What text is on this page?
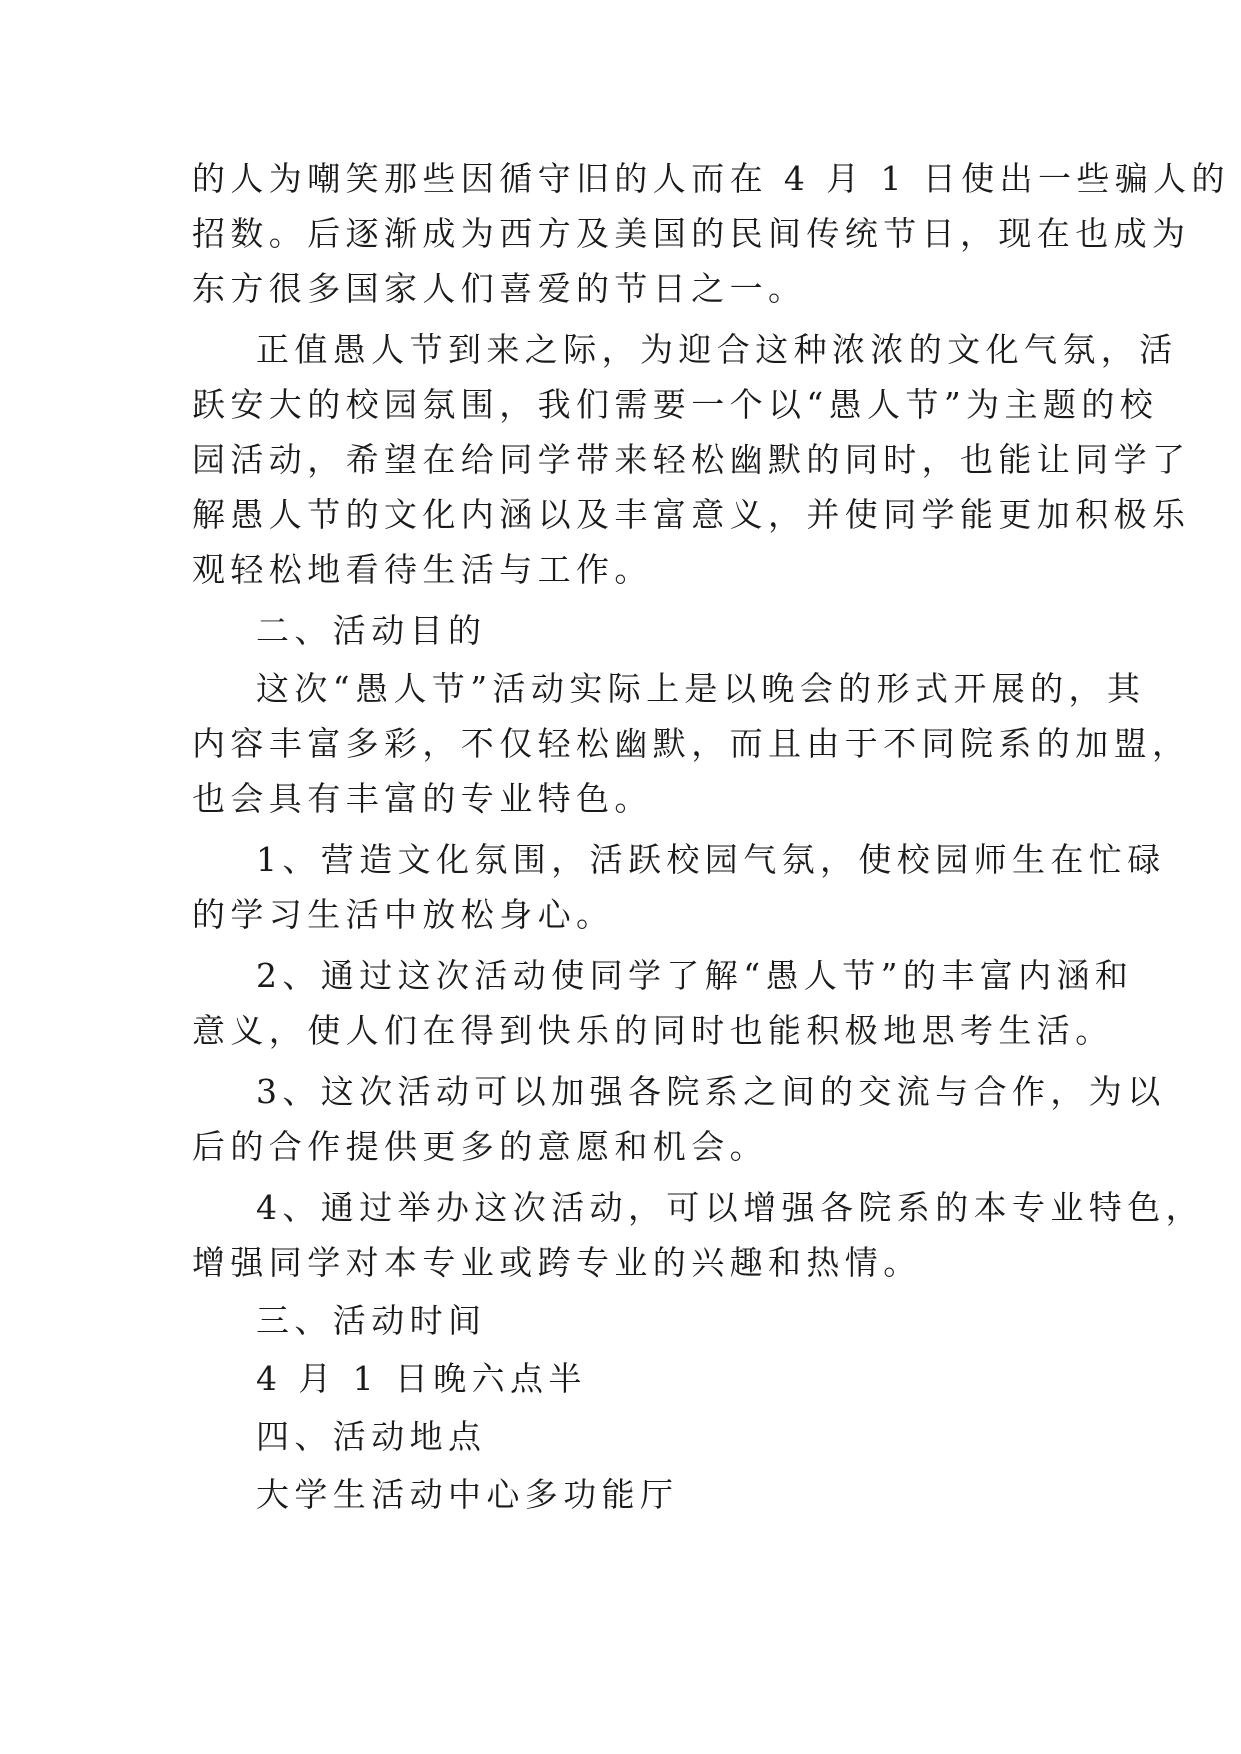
的人为嘲笑那些因循守旧的人而在 4 月 1 日使出一些骗人的
招数。后逐渐成为西方及美国的民间传统节日，现在也成为
东方很多国家人们喜爱的节日之一。
正值愚人节到来之际，为迎合这种浓浓的文化气氛，活
跃安大的校园氛围，我们需要一个以“愚人节”为主题的校
园活动，希望在给同学带来轻松幽默的同时，也能让同学了
解愚人节的文化内涵以及丰富意义，并使同学能更加积极乐
观轻松地看待生活与工作。
二、活动目的
这次“愚人节”活动实际上是以晚会的形式开展的，其
内容丰富多彩，不仅轻松幽默，而且由于不同院系的加盟，
也会具有丰富的专业特色。
1、营造文化氛围，活跃校园气氛，使校园师生在忙碌
的学习生活中放松身心。
2、通过这次活动使同学了解“愚人节”的丰富内涵和
意义，使人们在得到快乐的同时也能积极地思考生活。
3、这次活动可以加强各院系之间的交流与合作，为以
后的合作提供更多的意愿和机会。
4、通过举办这次活动，可以增强各院系的本专业特色，
增强同学对本专业或跨专业的兴趣和热情。
三、活动时间
4 月 1 日晚六点半
四、活动地点
大学生活动中心多功能厅
